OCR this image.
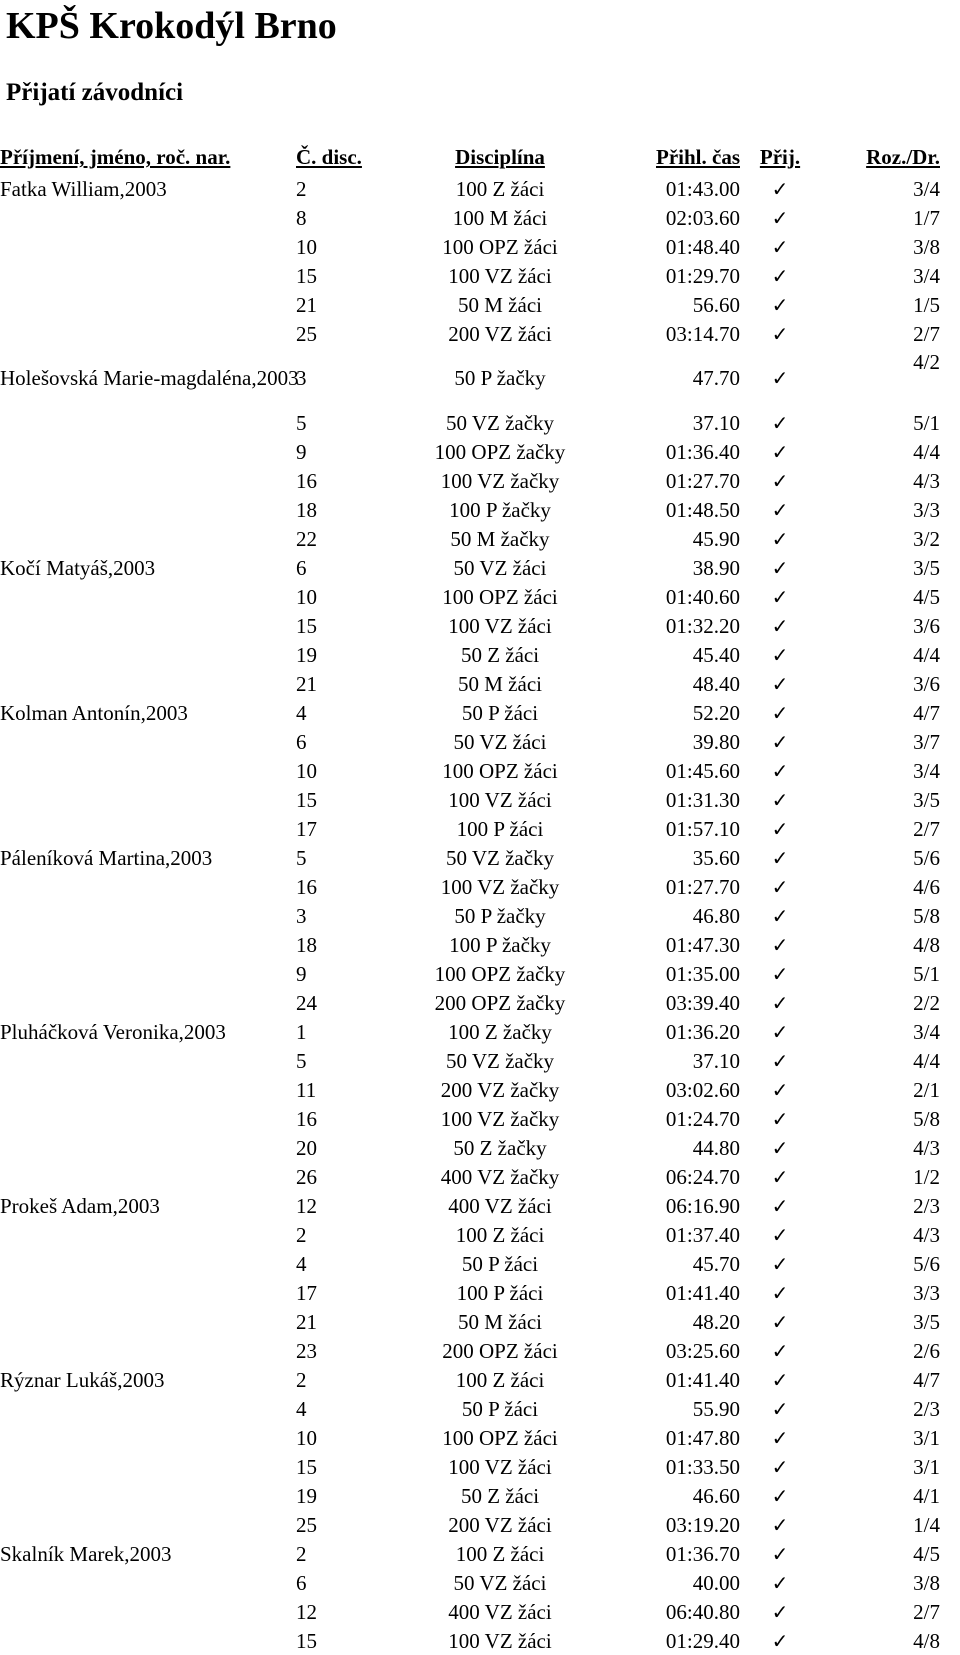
KPŠ Krokodýl Brno
Přijatí závodníci
Příjmení, jméno, roč. nar.	Č. disc.	Disciplína	Přihl. čas	Přij.	Roz./Dr.
Fatka William,2003	2	100 Z žáci	01:43.00	✓	3/4
	8	100 M žáci	02:03.60	✓	1/7
	10	100 OPZ žáci	01:48.40	✓	3/8
	15	100 VZ žáci	01:29.70	✓	3/4
	21	50 M žáci	56.60	✓	1/5
	25	200 VZ žáci	03:14.70	✓	2/7
Holešovská Marie-magdaléna,2003	3	50 P žačky	47.70	✓	4/2
	5	50 VZ žačky	37.10	✓	5/1
	9	100 OPZ žačky	01:36.40	✓	4/4
	16	100 VZ žačky	01:27.70	✓	4/3
	18	100 P žačky	01:48.50	✓	3/3
	22	50 M žačky	45.90	✓	3/2
Kočí Matyáš,2003	6	50 VZ žáci	38.90	✓	3/5
	10	100 OPZ žáci	01:40.60	✓	4/5
	15	100 VZ žáci	01:32.20	✓	3/6
	19	50 Z žáci	45.40	✓	4/4
	21	50 M žáci	48.40	✓	3/6
Kolman Antonín,2003	4	50 P žáci	52.20	✓	4/7
	6	50 VZ žáci	39.80	✓	3/7
	10	100 OPZ žáci	01:45.60	✓	3/4
	15	100 VZ žáci	01:31.30	✓	3/5
	17	100 P žáci	01:57.10	✓	2/7
Páleníková Martina,2003	5	50 VZ žačky	35.60	✓	5/6
	16	100 VZ žačky	01:27.70	✓	4/6
	3	50 P žačky	46.80	✓	5/8
	18	100 P žačky	01:47.30	✓	4/8
	9	100 OPZ žačky	01:35.00	✓	5/1
	24	200 OPZ žačky	03:39.40	✓	2/2
Pluháčková Veronika,2003	1	100 Z žačky	01:36.20	✓	3/4
	5	50 VZ žačky	37.10	✓	4/4
	11	200 VZ žačky	03:02.60	✓	2/1
	16	100 VZ žačky	01:24.70	✓	5/8
	20	50 Z žačky	44.80	✓	4/3
	26	400 VZ žačky	06:24.70	✓	1/2
Prokeš Adam,2003	12	400 VZ žáci	06:16.90	✓	2/3
	2	100 Z žáci	01:37.40	✓	4/3
	4	50 P žáci	45.70	✓	5/6
	17	100 P žáci	01:41.40	✓	3/3
	21	50 M žáci	48.20	✓	3/5
	23	200 OPZ žáci	03:25.60	✓	2/6
Rýznar Lukáš,2003	2	100 Z žáci	01:41.40	✓	4/7
	4	50 P žáci	55.90	✓	2/3
	10	100 OPZ žáci	01:47.80	✓	3/1
	15	100 VZ žáci	01:33.50	✓	3/1
	19	50 Z žáci	46.60	✓	4/1
	25	200 VZ žáci	03:19.20	✓	1/4
Skalník Marek,2003	2	100 Z žáci	01:36.70	✓	4/5
	6	50 VZ žáci	40.00	✓	3/8
	12	400 VZ žáci	06:40.80	✓	2/7
	15	100 VZ žáci	01:29.40	✓	4/8
